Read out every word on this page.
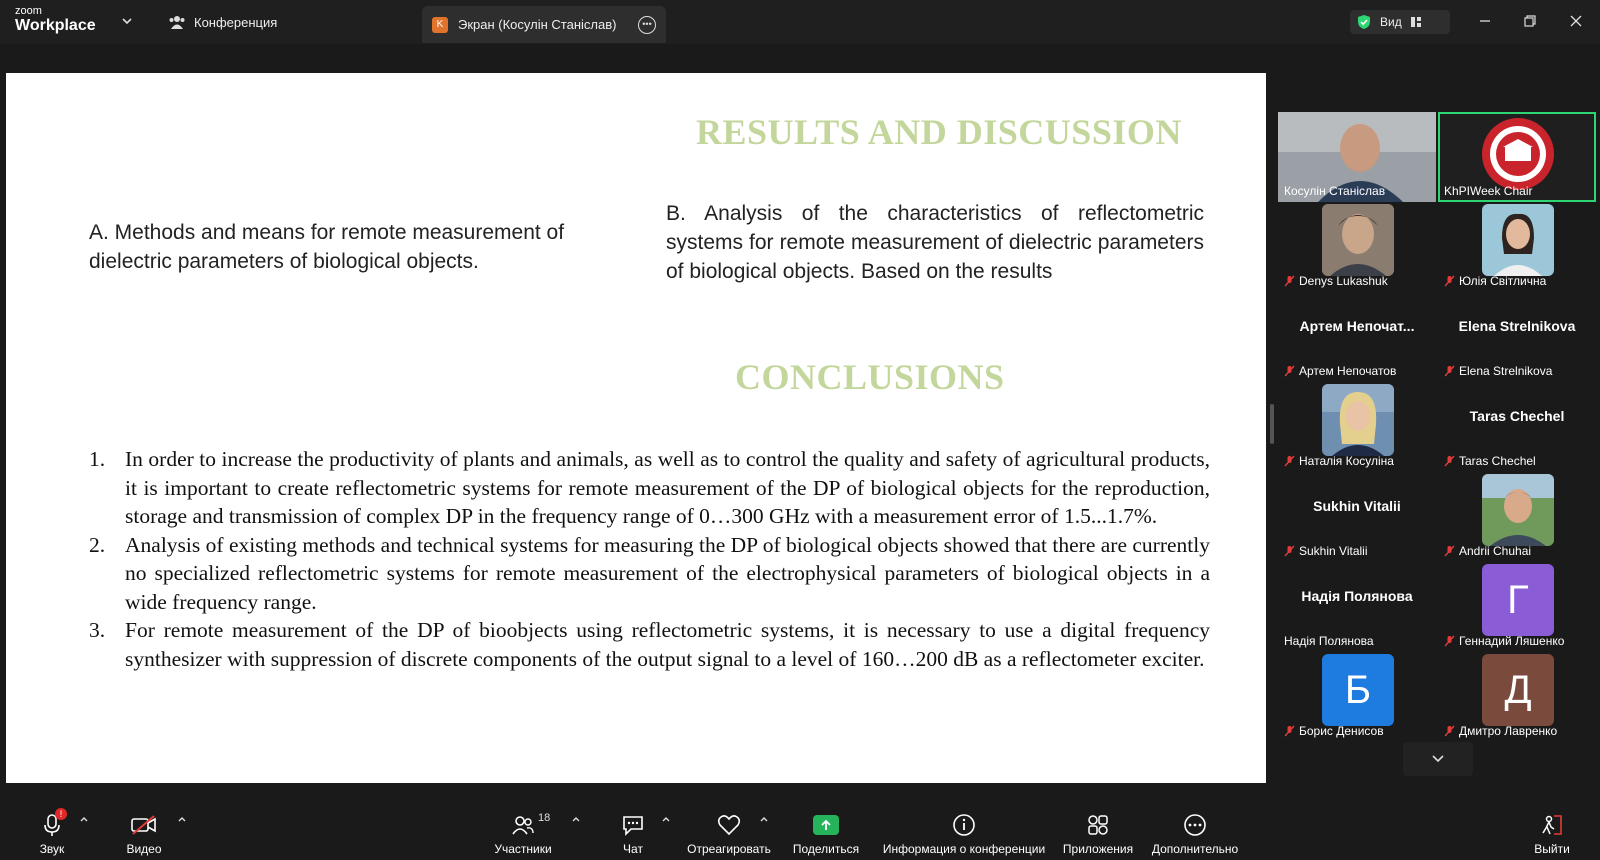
zoom
Workplace	Конференция	K	Экран (Косулін Станіслав)	•••	Вид
RESULTS AND DISCUSSION
A. Methods and means for remote measurement of dielectric parameters of biological objects.
B. Analysis of the characteristics of reflectometric systems for remote measurement of dielectric parameters of biological objects. Based on the results
CONCLUSIONS
1. In order to increase the productivity of plants and animals, as well as to control the quality and safety of agricultural products, it is important to create reflectometric systems for remote measurement of the DP of biological objects for the reproduction, storage and transmission of complex DP in the frequency range of 0…300 GHz with a measurement error of 1.5...1.7%.
2. Analysis of existing methods and technical systems for measuring the DP of biological objects showed that there are currently no specialized reflectometric systems for remote measurement of the electrophysical parameters of biological objects in a wide frequency range.
3. For remote measurement of the DP of bioobjects using reflectometric systems, it is necessary to use a digital frequency synthesizer with suppression of discrete components of the output signal to a level of 160…200 dB as a reflectometer exciter.
Косулін Станіслав	KhPIWeek Chair
Denys Lukashuk	Юлія Світлична
Артем Непочат...
Артем Непочатов
Elena Strelnikova
Elena Strelnikova
Наталія Косуліна
Taras Chechel
Taras Chechel
Sukhin Vitalii
Sukhin Vitalii	Andrii Chuhai
Надія Полянова
Надія Полянова
Г
Геннадий Ляшенко
Б
Борис Денисов
Д
Дмитро Лавренко
!
Звук	Видео
18
Участники	Чат	Отреагировать Поделиться Информация о конференции Приложения Дополнительно	Выйти
